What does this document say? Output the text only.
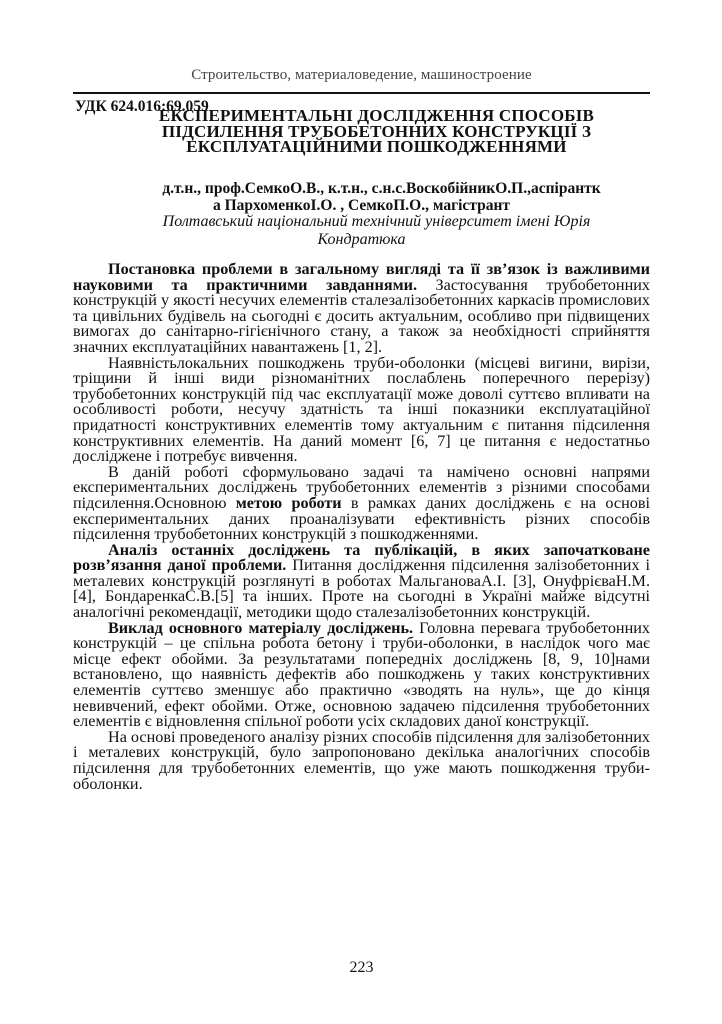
Строительство, материаловедение, машиностроение
УДК 624.016:69.059
ЕКСПЕРИМЕНТАЛЬНІ ДОСЛІДЖЕННЯ СПОСОБІВ
ПІДСИЛЕННЯ ТРУБОБЕТОННИХ КОНСТРУКЦІЇ З
ЕКСПЛУАТАЦІЙНИМИ ПОШКОДЖЕННЯМИ
д.т.н., проф.СемкоО.В., к.т.н., с.н.с.ВоскобійникО.П.,аспірантк
а ПархоменкоІ.О. , СемкоП.О., магістрант
Полтавський національний технічний університет імені Юрія
Кондратюка

Постановка проблеми в загальному вигляді та її зв’язок із важливими науковими та практичними завданнями. Застосування трубобетонних конструкцій у якості несучих елементів сталезалізобетонних каркасів промислових та цивільних будівель на сьогодні є досить актуальним, особливо при підвищених вимогах до санітарно-гігієнічного стану, а також за необхідності сприйняття значних експлуатаційних навантажень [1, 2].

Наявністьлокальних пошкоджень труби-оболонки (місцеві вигини, вирізи, тріщини й інші види різноманітних послаблень поперечного перерізу) трубобетонних конструкцій під час експлуатації може доволі суттєво впливати на особливості роботи, несучу здатність та інші показники експлуатаційної придатності конструктивних елементів тому актуальним є питання підсилення конструктивних елементів. На даний момент [6, 7] це питання є недостатньо досліджене і потребує вивчення.

В даній роботі сформульовано задачі та намічено основні напрями експериментальних досліджень трубобетонних елементів з різними способами підсилення.Основною метою роботи в рамках даних досліджень є на основі експериментальних даних проаналізувати ефективність різних способів підсилення трубобетонних конструкцій з пошкодженнями.

Аналіз останніх досліджень та публікацій, в яких започатковане розв’язання даної проблеми. Питання дослідження підсилення залізобетонних і металевих конструкцій розглянуті в роботах МальгановаА.І. [3], ОнуфрієваН.М. [4], БондаренкаС.В.[5] та інших. Проте на сьогодні в Україні майже відсутні аналогічні рекомендації, методики щодо сталезалізобетонних конструкцій.

Виклад основного матеріалу досліджень. Головна перевага трубобетонних конструкцій – це спільна робота бетону і труби-оболонки, в наслідок чого має місце ефект обойми. За результатами попередніх досліджень [8, 9, 10]нами встановлено, що наявність дефектів або пошкоджень у таких конструктивних елементів суттєво зменшує або практично «зводять на нуль», ще до кінця невивчений, ефект обойми. Отже, основною задачею підсилення трубобетонних елементів є відновлення спільної роботи усіх складових даної конструкції.

На основі проведеного аналізу різних способів підсилення для залізобетонних і металевих конструкцій, було запропоновано декілька аналогічних способів підсилення для трубобетонних елементів, що уже мають пошкодження труби-оболонки.

223
